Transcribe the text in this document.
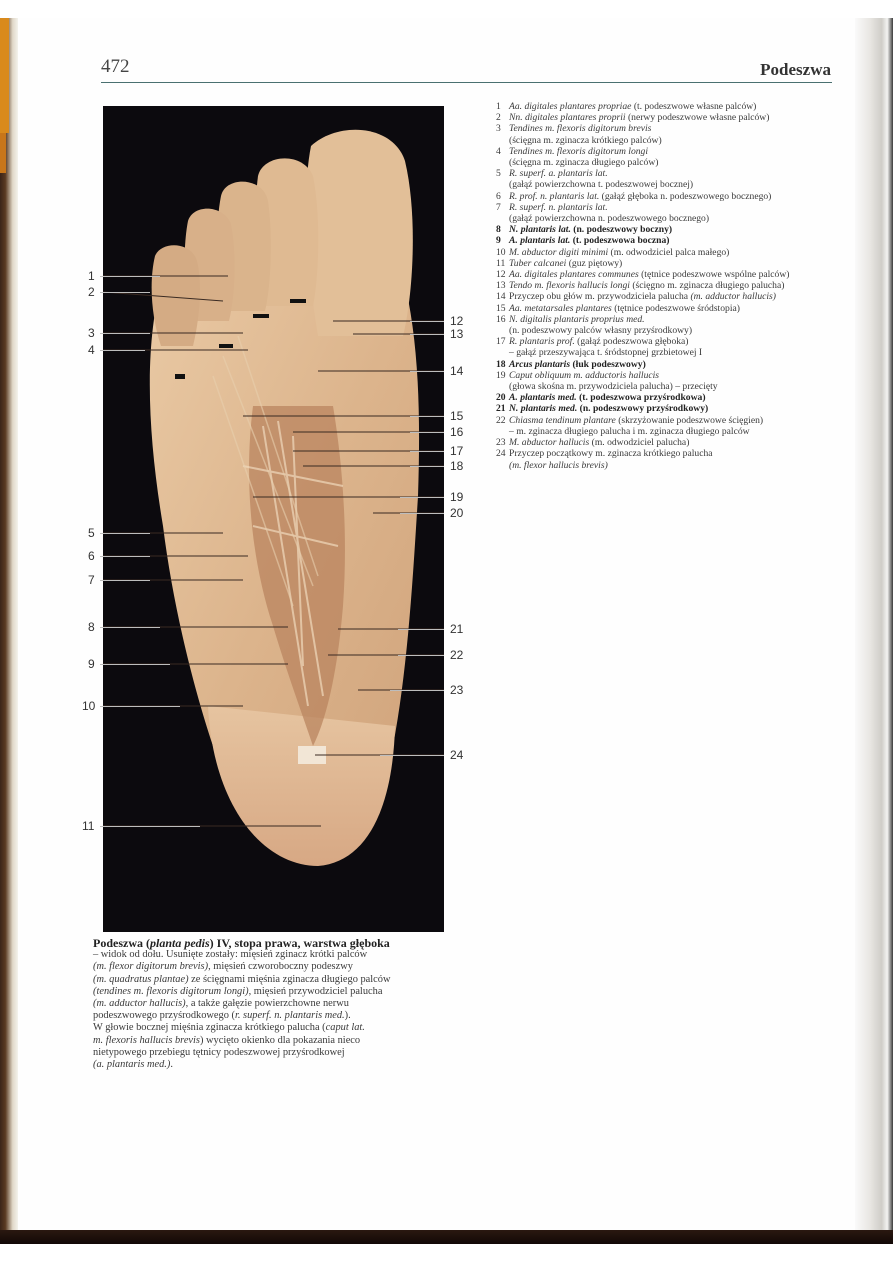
472	Podeszwa
1
2
3
4
5
6
7
8
9
10
11
12
13
14
15
16
17
18
19
20
21
22
23
24
1 Aa. digitales plantares propriae (t. podeszwowe własne palców)
2 Nn. digitales plantares proprii (nerwy podeszwowe własne palców)
3 Tendines m. flexoris digitorum brevis
(ścięgna m. zginacza krótkiego palców)
4 Tendines m. flexoris digitorum longi
(ścięgna m. zginacza długiego palców)
5 R. superf. a. plantaris lat.
(gałąź powierzchowna t. podeszwowej bocznej)
6 R. prof. n. plantaris lat. (gałąź głęboka n. podeszwowego bocznego)
7 R. superf. n. plantaris lat.
(gałąź powierzchowna n. podeszwowego bocznego)
8 N. plantaris lat. (n. podeszwowy boczny)
9 A. plantaris lat. (t. podeszwowa boczna)
10 M. abductor digiti minimi (m. odwodziciel palca małego)
11 Tuber calcanei (guz piętowy)
12 Aa. digitales plantares communes (tętnice podeszwowe wspólne palców)
13 Tendo m. flexoris hallucis longi (ścięgno m. zginacza długiego palucha)
14 Przyczep obu głów m. przywodziciela palucha (m. adductor hallucis)
15 Aa. metatarsales plantares (tętnice podeszwowe śródstopia)
16 N. digitalis plantaris proprius med.
(n. podeszwowy palców własny przyśrodkowy)
17 R. plantaris prof. (gałąź podeszwowa głęboka)
– gałąź przeszywająca t. śródstopnej grzbietowej I
18 Arcus plantaris (łuk podeszwowy)
19 Caput obliquum m. adductoris hallucis
(głowa skośna m. przywodziciela palucha) – przecięty
20 A. plantaris med. (t. podeszwowa przyśrodkowa)
21 N. plantaris med. (n. podeszwowy przyśrodkowy)
22 Chiasma tendinum plantare (skrzyżowanie podeszwowe ścięgien)
– m. zginacza długiego palucha i m. zginacza długiego palców
23 M. abductor hallucis (m. odwodziciel palucha)
24 Przyczep początkowy m. zginacza krótkiego palucha
(m. flexor hallucis brevis)
Podeszwa (planta pedis) IV, stopa prawa, warstwa głęboka
– widok od dołu. Usunięte zostały: mięsień zginacz krótki palców
(m. flexor digitorum brevis), mięsień czworoboczny podeszwy
(m. quadratus plantae) ze ścięgnami mięśnia zginacza długiego palców
(tendines m. flexoris digitorum longi), mięsień przywodziciel palucha
(m. adductor hallucis), a także gałęzie powierzchowne nerwu
podeszwowego przyśrodkowego (r. superf. n. plantaris med.).
W głowie bocznej mięśnia zginacza krótkiego palucha (caput lat.
m. flexoris hallucis brevis) wycięto okienko dla pokazania nieco
nietypowego przebiegu tętnicy podeszwowej przyśrodkowej
(a. plantaris med.).
